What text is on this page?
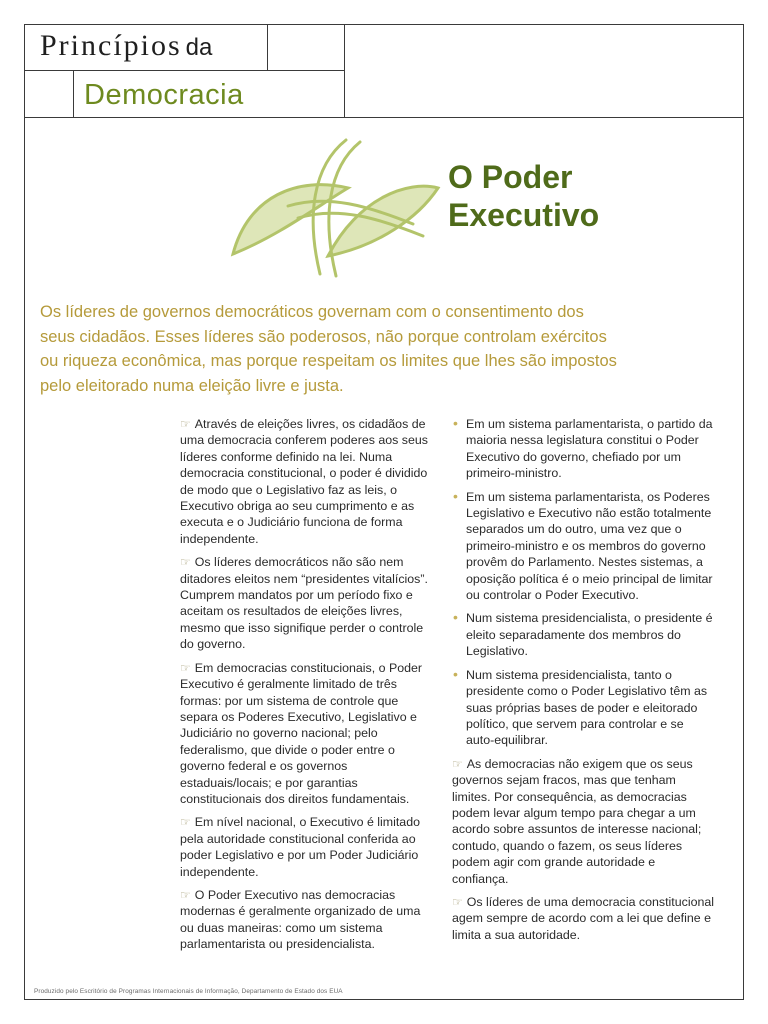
Princípios da
Democracia
O Poder
Executivo
Os líderes de governos democráticos governam com o consentimento dos seus cidadãos. Esses líderes são poderosos, não porque controlam exércitos ou riqueza econômica, mas porque respeitam os limites que lhes são impostos pelo eleitorado numa eleição livre e justa.

☞ Através de eleições livres, os cidadãos de uma democracia conferem poderes aos seus líderes conforme definido na lei. Numa democracia constitucional, o poder é dividido de modo que o Legislativo faz as leis, o Executivo obriga ao seu cumprimento e as executa e o Judiciário funciona de forma independente.

☞ Os líderes democráticos não são nem ditadores eleitos nem “presidentes vitalícios”. Cumprem mandatos por um período fixo e aceitam os resultados de eleições livres, mesmo que isso signifique perder o controle do governo.

☞ Em democracias constitucionais, o Poder Executivo é geralmente limitado de três formas: por um sistema de controle que separa os Poderes Executivo, Legislativo e Judiciário no governo nacional; pelo federalismo, que divide o poder entre o governo federal e os governos estaduais/locais; e por garantias constitucionais dos direitos fundamentais.

☞ Em nível nacional, o Executivo é limitado pela autoridade constitucional conferida ao poder Legislativo e por um Poder Judiciário independente.

☞ O Poder Executivo nas democracias modernas é geralmente organizado de uma ou duas maneiras: como um sistema parlamentarista ou presidencialista.

• Em um sistema parlamentarista, o partido da maioria nessa legislatura constitui o Poder Executivo do governo, chefiado por um primeiro-ministro.
• Em um sistema parlamentarista, os Poderes Legislativo e Executivo não estão totalmente separados um do outro, uma vez que o primeiro-ministro e os membros do governo provêm do Parlamento. Nestes sistemas, a oposição política é o meio principal de limitar ou controlar o Poder Executivo.
• Num sistema presidencialista, o presidente é eleito separadamente dos membros do Legislativo.
• Num sistema presidencialista, tanto o presidente como o Poder Legislativo têm as suas próprias bases de poder e eleitorado político, que servem para controlar e se auto-equilibrar.

☞ As democracias não exigem que os seus governos sejam fracos, mas que tenham limites. Por consequência, as democracias podem levar algum tempo para chegar a um acordo sobre assuntos de interesse nacional; contudo, quando o fazem, os seus líderes podem agir com grande autoridade e confiança.

☞ Os líderes de uma democracia constitucional agem sempre de acordo com a lei que define e limita a sua autoridade.

Produzido pelo Escritório de Programas Internacionais de Informação, Departamento de Estado dos EUA
